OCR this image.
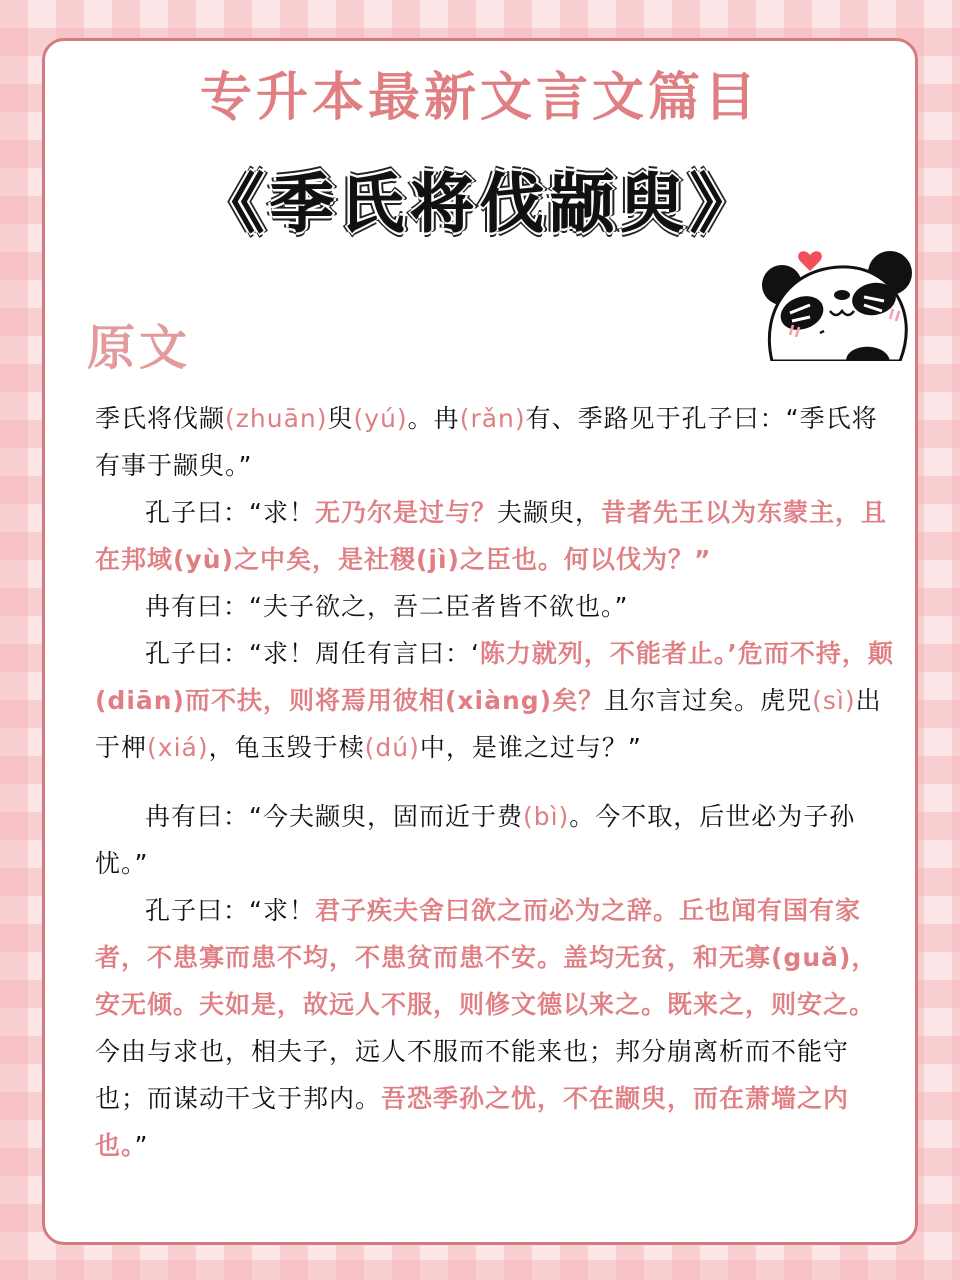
专升本最新文言文篇目
《季氏将伐颛臾》
原文

季氏将伐颛(zhuān)臾(yú)。冉(rǎn)有、季路见于孔子曰：“季氏将有事于颛臾。”

孔子曰：“求！无乃尔是过与？夫颛臾，昔者先王以为东蒙主，且在邦域(yù)之中矣，是社稷(jì)之臣也。何以伐为？”

冉有曰：“夫子欲之，吾二臣者皆不欲也。”

孔子曰：“求！周任有言曰：‘陈力就列，不能者止。’危而不持，颠(diān)而不扶，则将焉用彼相(xiàng)矣？且尔言过矣。虎兕(sì)出于柙(xiá)，龟玉毁于椟(dú)中，是谁之过与？”

冉有曰：“今夫颛臾，固而近于费(bì)。今不取，后世必为子孙忧。”

孔子曰：“求！君子疾夫舍曰欲之而必为之辞。丘也闻有国有家者，不患寡而患不均，不患贫而患不安。盖均无贫，和无寡(guǎ)，安无倾。夫如是，故远人不服，则修文德以来之。既来之，则安之。今由与求也，相夫子，远人不服而不能来也；邦分崩离析而不能守也；而谋动干戈于邦内。吾恐季孙之忧，不在颛臾，而在萧墙之内也。”
